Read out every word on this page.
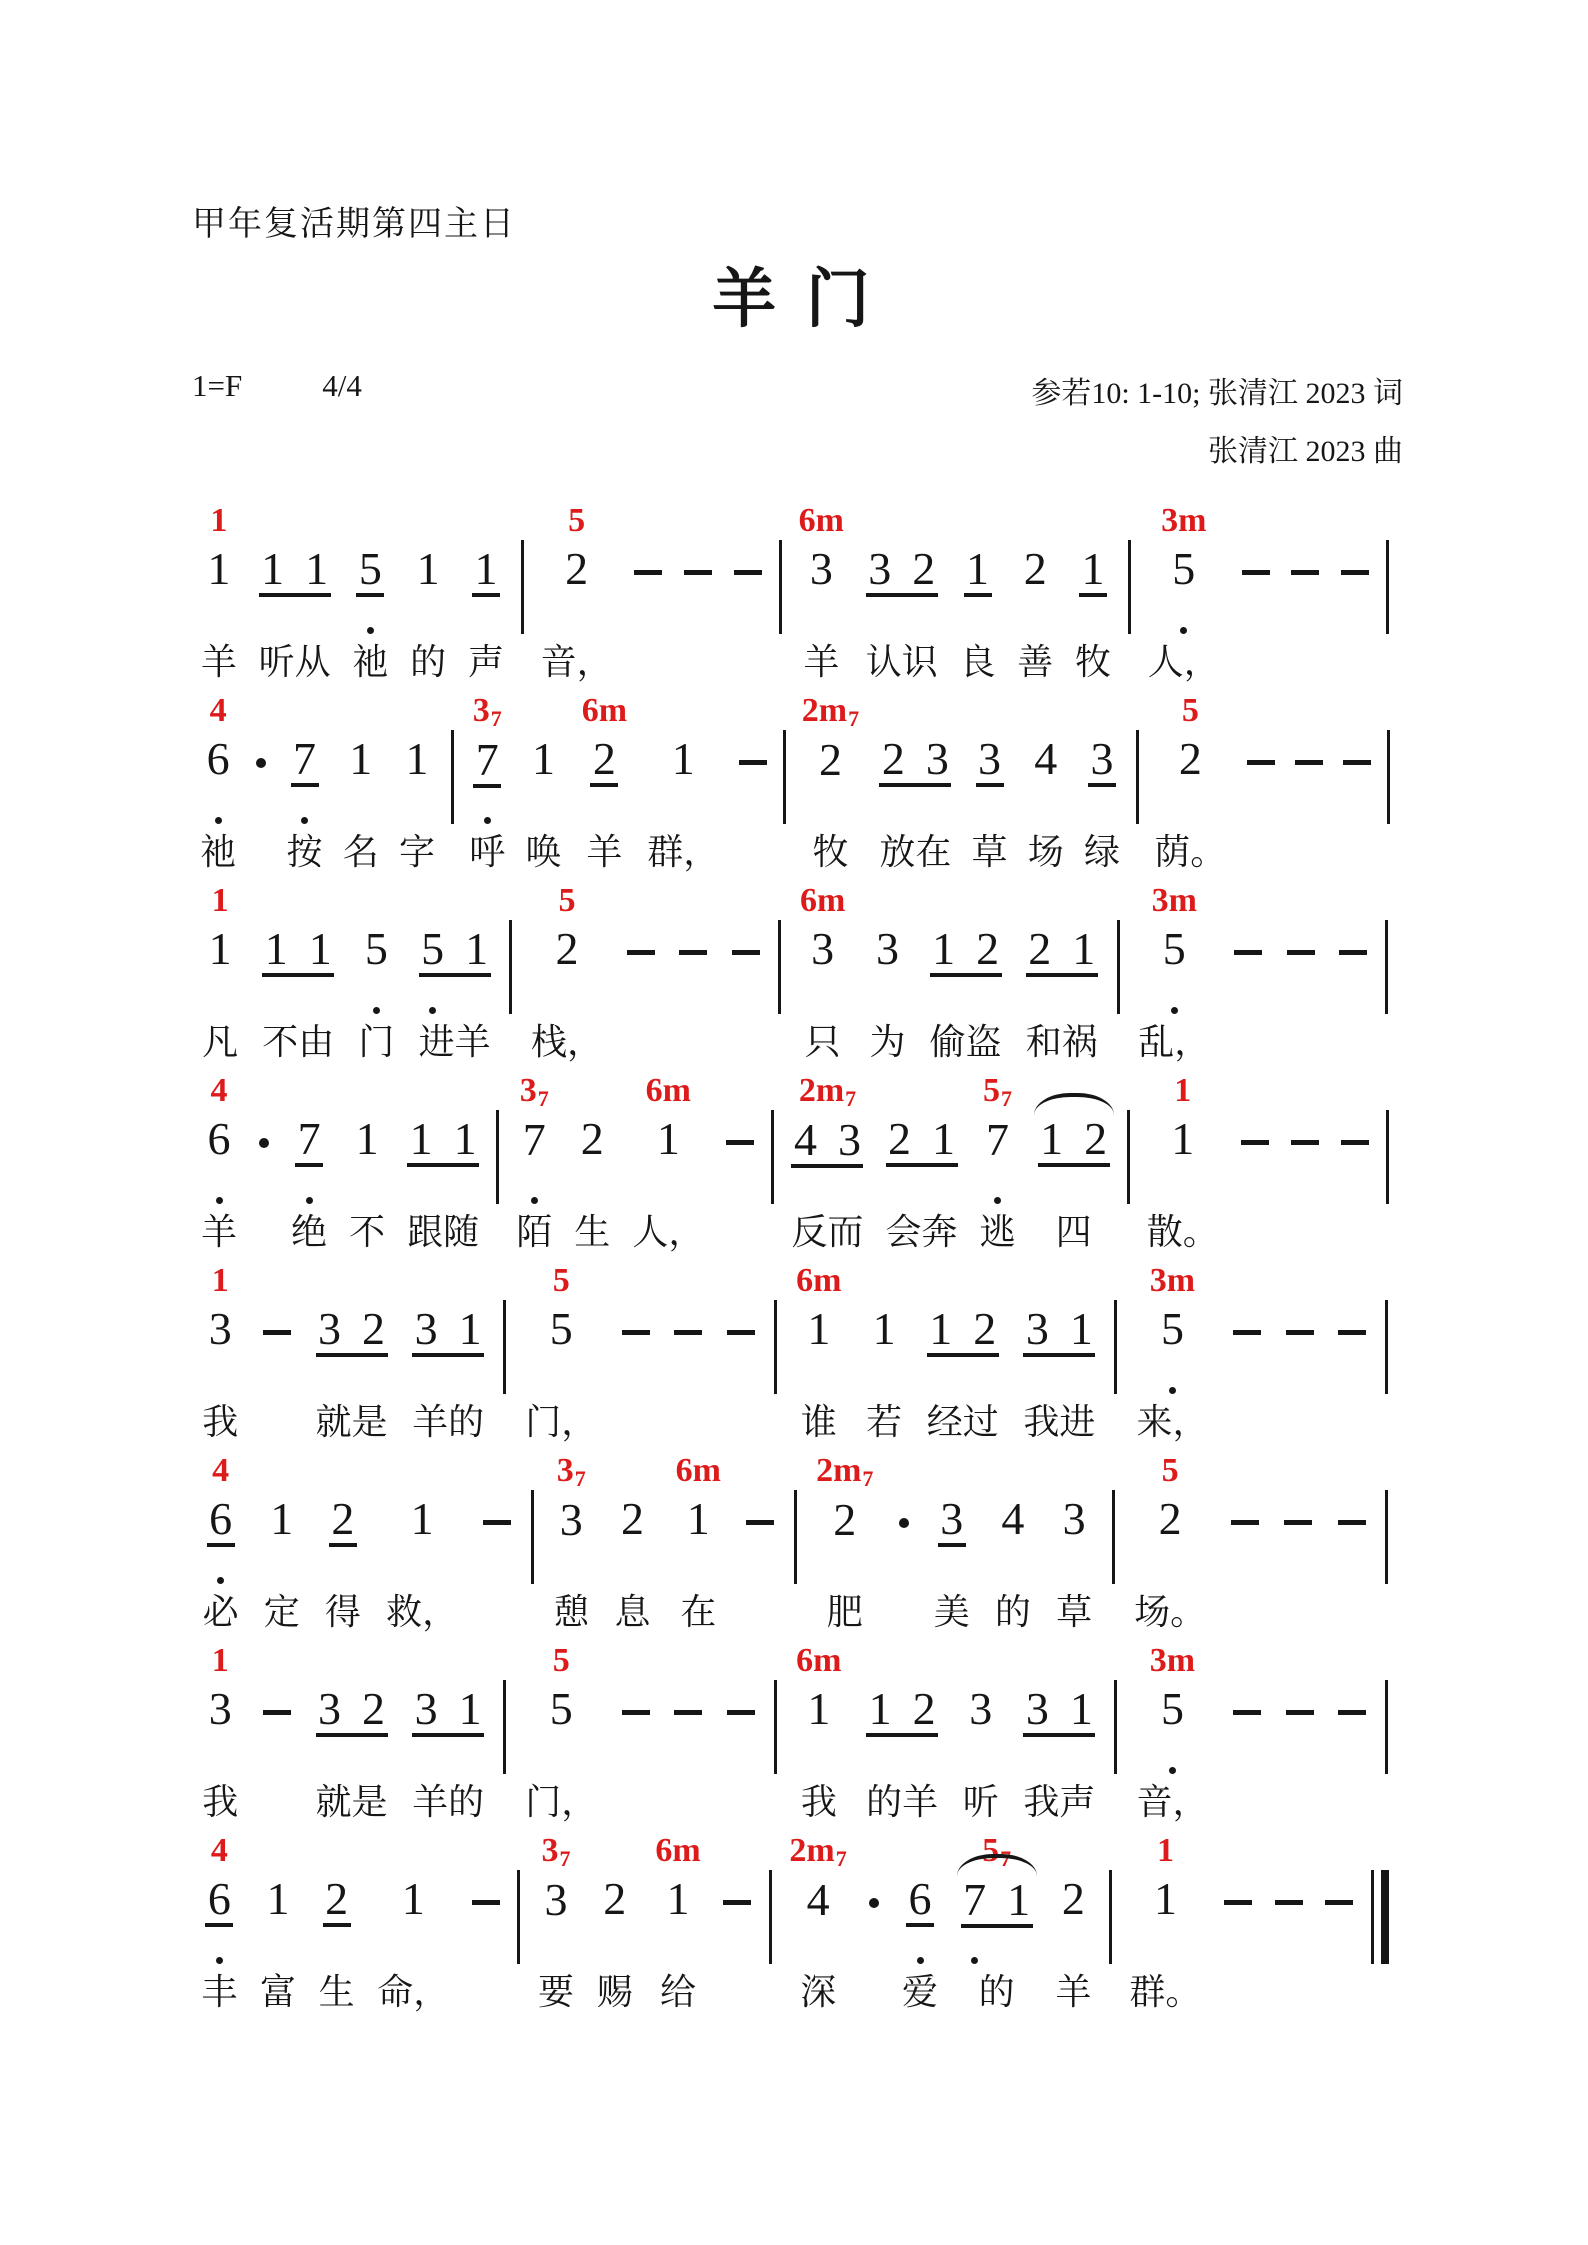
甲年复活期第四主日
羊 门
1=F	4/4	参若10: 1-10; 张清江 2023 词
张清江 2023 曲
1
1
羊
1 1
听从
5
祂
1
的
1
声
5
2
音，
6m
3
羊
3 2
认识
1
良
2
善
1
牧
3m
5
人，
4
6
祂
7
按
1
名
1
字
37
7
呼
1
唤
6m
2
羊
1
群，
2m7
2
牧
2 3
放在
3
草
4
场
3
绿
5
2
荫。
1
1
凡
1 1
不由
5
门
5 1
进羊
5
2
栈，
6m
3
只
3
为
1 2
偷盗
2 1
和祸
3m
5
乱，
4
6
羊
7
绝
1
不
1 1
跟随
37
7
陌
2
生
6m
1
人，
2m7
4 3
反而
2 1
会奔
57
7
逃
1 2
四
1
1
散。
1
3
我
3 2
就是
3 1
羊的
5
5
门，
6m
1
谁
1
若
1 2
经过
3 1
我进
3m
5
来，
4
6
必
1
定
2
得
1
救，
37
3
憩
2
息
6m
1
在
2m7
2
肥
3
美
4
的
3
草
5
2
场。
1
3
我
3 2
就是
3 1
羊的
5
5
门，
6m
1
我
1 2
的羊
3
听
3 1
我声
3m
5
音，
4
6
丰
1
富
2
生
1
命，
37
3
要
2
赐
6m
1
给
2m7
4
深
6
爱
57
7 1
的
2
羊
1
1
群。
